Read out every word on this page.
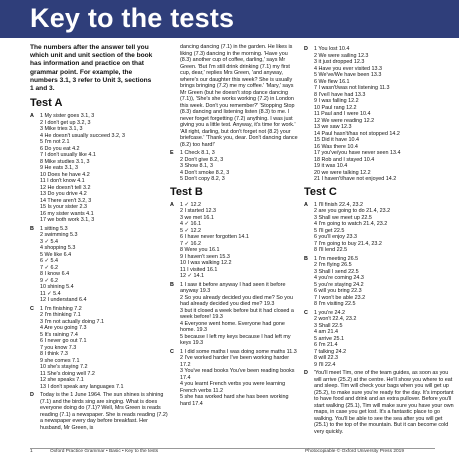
Key to the tests
The numbers after the answer tell you which unit and unit section of the book has information and practice on that grammar point. For example, the numbers 3.1, 3 refer to Unit 3, sections 1 and 3.
Test A
A	1 My sister goes 3.1, 3
2 I don't get up 3.2, 3
3 Mike tries 3.1, 3
4 He doesn't usually succeed 3.2, 3
5 I'm not 2.1
6 Do you eat 4.2
7 I don't usually like 4.1
8 Mike studies 3.1, 3
9 He eats 3.1, 3
10 Does he have 4.2
11 I don't know 4.1
12 He doesn't tell 3.2
13 Do you drive 4.2
14 There aren't 3.2, 3
15 Is your sister 2.3
16 my sister wants 4.1
17 we both work 3.1, 3
B	1 sitting 5.3
2 swimming 5.3
3 ✓ 5.4
4 shopping 5.3
5 We like 6.4
6 ✓ 5.4
7 ✓ 6.2
8 I know 6.4
9 ✓ 6.2
10 shining 5.4
11 ✓ 5.4
12 I understand 6.4
C	1 I'm finishing 7.2
2 I'm thinking 7.1
3 I'm not actually doing 7.1
4 Are you going 7.3
5 It's raining 7.4
6 I never go out 7.1
7 you know 7.3
8 I think 7.3
9 she comes 7.1
10 she's staying 7.2
11 She's doing well 7.2
12 she speaks 7.1
13 I don't speak any languages 7.1
D	Today is the 1 June 1964. The sun shines is shining (7.1) and the birds sing are singing. What is does everyone doing do (7.1)? Well, Mrs Green is reads reading (7.1) a newspaper. She is reads reading (7.2) a newspaper every day before breakfast. Her husband, Mr Green, is
dancing dancing (7.1) in the garden. He likes is liking (7.3) dancing in the morning. 'Have you (8.3) another cup of coffee, darling,' says Mr Green. 'But I'm still drink drinking (7.1) my first cup, dear,' replies Mrs Green, 'and anyway, where's our daughter this week? She is usually brings bringing (7.2) me my coffee.' 'Mary,' says Mr Green (but he doesn't stop dance dancing (7.1)), 'She's she works working (7.2) in London this week. Don't you remember?' 'Stopping Stop (8.3) dancing and listening listen (8.3) to me. I never forget forgetting (7.2) anything. I was just giving you a little test. Anyway, it's time for work.' 'All right, darling, but don't forget not (8.2) your briefcase.' 'Thank you, dear. Don't dancing dance (8.2) too hard!'
E	1 Check 8.1, 3
2 Don't give 8.2, 3
3 Show 8.1, 3
4 Don't smoke 8.2, 3
5 Don't copy 8.2, 3
Test B
A	1 ✓ 12.2
2 I started 12.3
3 we met 16.1
4 ✓ 16.1
5 ✓ 12.2
6 I have never forgotten 14.1
7 ✓ 16.2
8 Were you 16.1
9 I haven't seen 15.3
10 I was walking 12.2
11 I visited 16.1
12 ✓ 14.1
B	1 I saw it before anyway I had seen it before anyway 19.3
2 So you already decided you died me? So you had already decided you died me? 19.3
3 but it closed a week before but it had closed a week before! 19.3
4 Everyone went home. Everyone had gone home. 19.3
5 because I left my keys because I had left my keys 19.3
C	1 I did some maths I was doing some maths 11.3
2 I've worked harder I've been working harder 17.2
3 You've read books You've been reading books 17.4
4 you learnt French verbs you were learning French verbs 11.2
5 she has worked hard she has been working hard 17.4
D	1 You lost 10.4
2 We were sailing 12.3
3 it just dropped 12.3
4 Have you ever visited 13.3
5 We've/We have been 13.3
6 We flew 16.1
7 I wasn't/was not listening 11.3
8 I've/I have had 13.3
9 I was falling 12.2
10 Paul rang 12.2
11 Paul and I were 10.4
12 We were reading 12.2
13 we saw 12.3
14 Paul hasn't/has not stopped 14.2
15 Did it have 10.4
16 Was there 10.4
17 you've/you have never seen 13.4
18 Rob and I stayed 10.4
19 it was 10.4
20 we were talking 12.2
21 I haven't/have not enjoyed 14.2
Test C
A	1 I'll finish 22.4, 23.2
2 are you going to do 21.4, 23.2
3 Shall we meet up 22.5
4 I'm going to watch 21.4, 23.2
5 I'll get 22.5
6 you'll enjoy 23.3
7 I'm going to buy 21.4, 23.2
8 I'll lend 22.5
B	1 I'm meeting 26.5
2 I'm flying 26.5
3 Shall I send 22.5
4 you're coming 24.3
5 you're staying 24.2
6 will you bring 22.3
7 I won't be able 23.2
8 I'm visiting 22.5
C	1 you're 24.2
2 won't 22.4, 23.2
3 Shall 22.5
4 am 21.4
5 arrive 25.1
6 I'm 21.4
7 talking 24.2
8 will 22.3
9 I'll 22.4
D	'You'll meet Tim, one of the team guides, as soon as you will arrive (25.2) at the centre. He'll show you where to eat and sleep. Tim will check your bags when you will get up (25.2), to make sure you're ready for the day. It's important to have food and drink and an extra pullover. Before you'll start walking (25.1), Tim will make sure you have your own maps, in case you get lost. It's a fantastic place to go walking. You'll be able to see the sea after you will get (25.1) to the top of the mountain. But it can become cold very quickly.
1	Oxford Practice Grammar • Basic • Key to the tests	Photocopiable © Oxford University Press 2019
